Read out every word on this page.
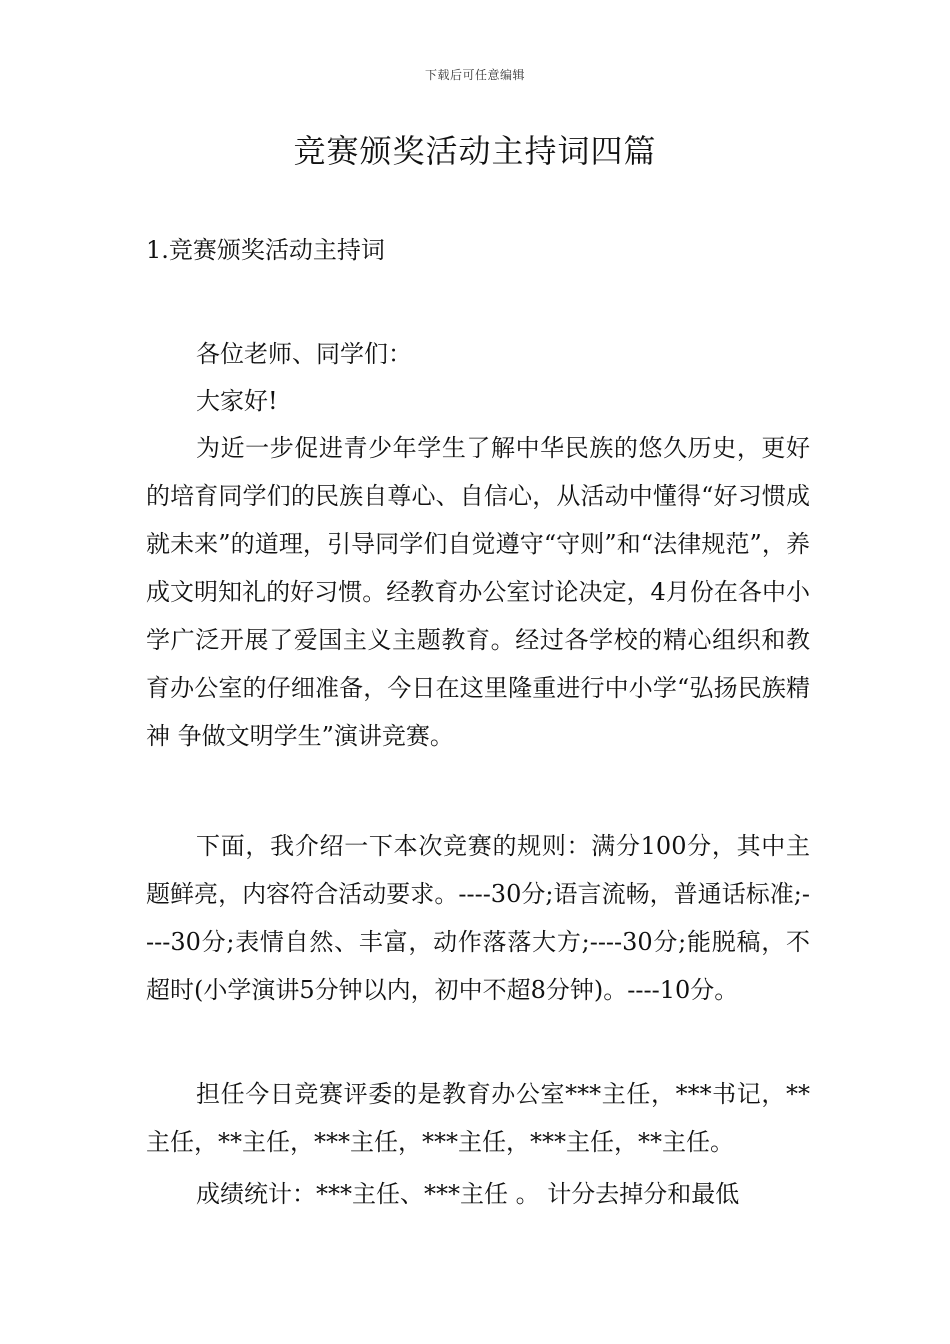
下载后可任意编辑
竞赛颁奖活动主持词四篇
1.竞赛颁奖活动主持词

各位老师、同学们：

大家好!

为近一步促进青少年学生了解中华民族的悠久历史，更好的培育同学们的民族自尊心、自信心，从活动中懂得“好习惯成就未来”的道理，引导同学们自觉遵守“守则”和“法律规范”，养成文明知礼的好习惯。经教育办公室讨论决定，4月份在各中小学广泛开展了爱国主义主题教育。经过各学校的精心组织和教育办公室的仔细准备，今日在这里隆重进行中小学“弘扬民族精神 争做文明学生”演讲竞赛。

下面，我介绍一下本次竞赛的规则：满分100分，其中主题鲜亮，内容符合活动要求。----30分;语言流畅，普通话标准;----30分;表情自然、丰富，动作落落大方;----30分;能脱稿，不超时(小学演讲5分钟以内，初中不超8分钟)。----10分。

担任今日竞赛评委的是教育办公室***主任，***书记，**主任，**主任，***主任，***主任，***主任，**主任。

成绩统计：***主任、***主任 。 计分去掉分和最低
